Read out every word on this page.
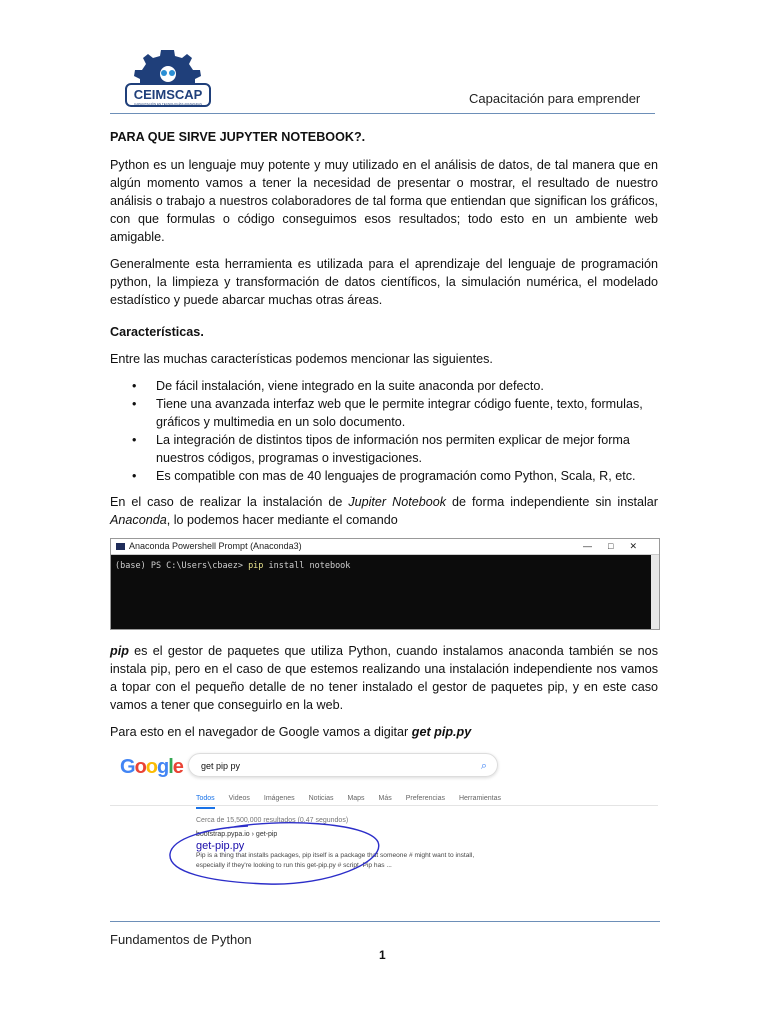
CEIMSCAP
CAPACITACIÓN EN TECNOLOGÍAS AVANZADAS	Capacitación para emprender

PARA QUE SIRVE JUPYTER NOTEBOOK?.

Python es un lenguaje muy potente y muy utilizado en el análisis de datos, de tal manera que en algún momento vamos a tener la necesidad de presentar o mostrar, el resultado de nuestro análisis o trabajo a nuestros colaboradores de tal forma que entiendan que significan los gráficos, con que formulas o código conseguimos esos resultados; todo esto en un ambiente web amigable.

Generalmente esta herramienta es utilizada para el aprendizaje del lenguaje de programación python, la limpieza y transformación de datos científicos, la simulación numérica, el modelado estadístico y puede abarcar muchas otras áreas.

Características.

Entre las muchas características podemos mencionar las siguientes.

• De fácil instalación, viene integrado en la suite anaconda por defecto.
• Tiene una avanzada interfaz web que le permite integrar código fuente, texto, formulas, gráficos y multimedia en un solo documento.
• La integración de distintos tipos de información nos permiten explicar de mejor forma nuestros códigos, programas o investigaciones.
• Es compatible con mas de 40 lenguajes de programación como Python, Scala, R, etc.

En el caso de realizar la instalación de Jupiter Notebook de forma independiente sin instalar Anaconda, lo podemos hacer mediante el comando

Anaconda Powershell Prompt (Anaconda3)	—□✕
(base) PS C:\Users\cbaez> pip install notebook

pip es el gestor de paquetes que utiliza Python, cuando instalamos anaconda también se nos instala pip, pero en el caso de que estemos realizando una instalación independiente nos vamos a topar con el pequeño detalle de no tener instalado el gestor de paquetes pip, y en este caso vamos a tener que conseguirlo en la web.

Para esto en el navegador de Google vamos a digitar get pip.py

Google	get pip py	⌕
Todos Videos Imágenes Noticias Maps Más Preferencias Herramientas
Cerca de 15,500,000 resultados (0.47 segundos)
bootstrap.pypa.io › get-pip
get-pip.py
Pip is a thing that installs packages, pip itself is a package that someone # might want to install, especially if they're looking to run this get-pip.py # script. Pip has ...
Fundamentos de Python
1
